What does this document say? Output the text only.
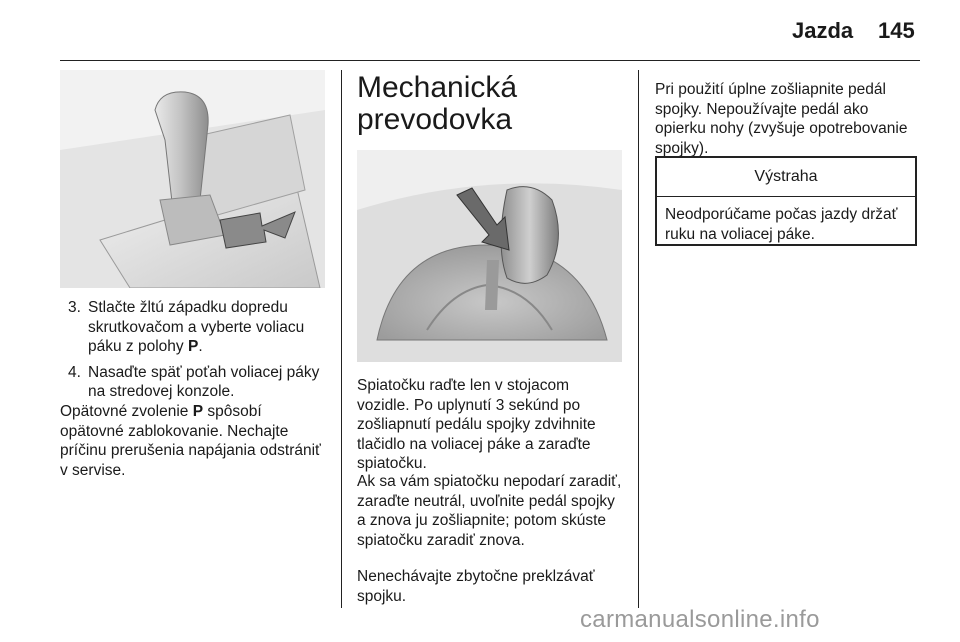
Jazda 145
3. Stlačte žltú západku dopredu skrutkovačom a vyberte voliacu páku z polohy P.
4. Nasaďte späť poťah voliacej páky na stredovej konzole.

Opätovné zvolenie P spôsobí opätovné zablokovanie. Nechajte príčinu prerušenia napájania odstrániť v servise.

Mechanická prevodovka

Spiatočku raďte len v stojacom vozidle. Po uplynutí 3 sekúnd po zošliapnutí pedálu spojky zdvihnite tlačidlo na voliacej páke a zaraďte spiatočku.

Ak sa vám spiatočku nepodarí zaradiť, zaraďte neutrál, uvoľnite pedál spojky a znova ju zošliapnite; potom skúste spiatočku zaradiť znova.

Nenechávajte zbytočne preklzávať spojku.

Pri použití úplne zošliapnite pedál spojky. Nepoužívajte pedál ako opierku nohy (zvyšuje opotrebovanie spojky).

Výstraha
Neodporúčame počas jazdy držať ruku na voliacej páke.
carmanualsonline.info
